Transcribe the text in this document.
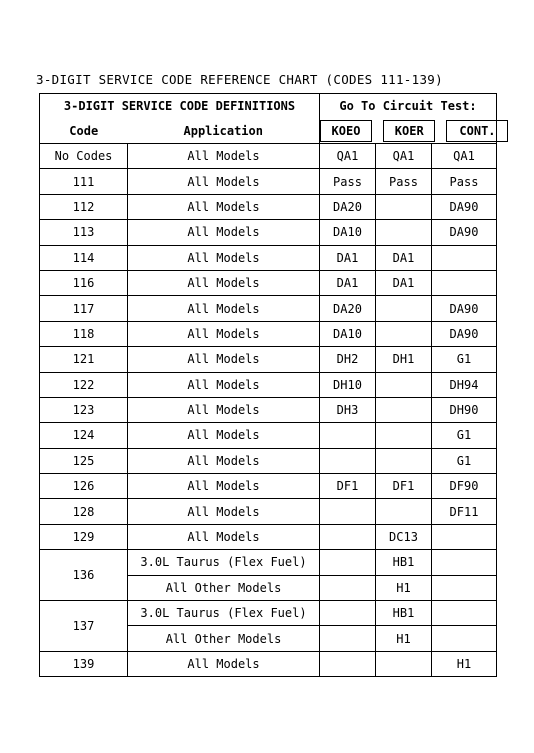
3-DIGIT SERVICE CODE REFERENCE CHART (CODES 111-139)
3-DIGIT SERVICE CODE DEFINITIONS		Go To Circuit Test:		
Code	Application	KOEO KOER CONT.		
No Codes	All Models	QA1	QA1	QA1
111	All Models	Pass	Pass	Pass
112	All Models	DA20		DA90
113	All Models	DA10		DA90
114	All Models	DA1	DA1	
116	All Models	DA1	DA1	
117	All Models	DA20		DA90
118	All Models	DA10		DA90
121	All Models	DH2	DH1	G1
122	All Models	DH10		DH94
123	All Models	DH3		DH90
124	All Models			G1
125	All Models			G1
126	All Models	DF1	DF1	DF90
128	All Models			DF11
129	All Models		DC13	
136	3.0L Taurus (Flex Fuel)		HB1	
	All Other Models		H1	
137	3.0L Taurus (Flex Fuel)		HB1	
	All Other Models		H1	
139	All Models			H1
